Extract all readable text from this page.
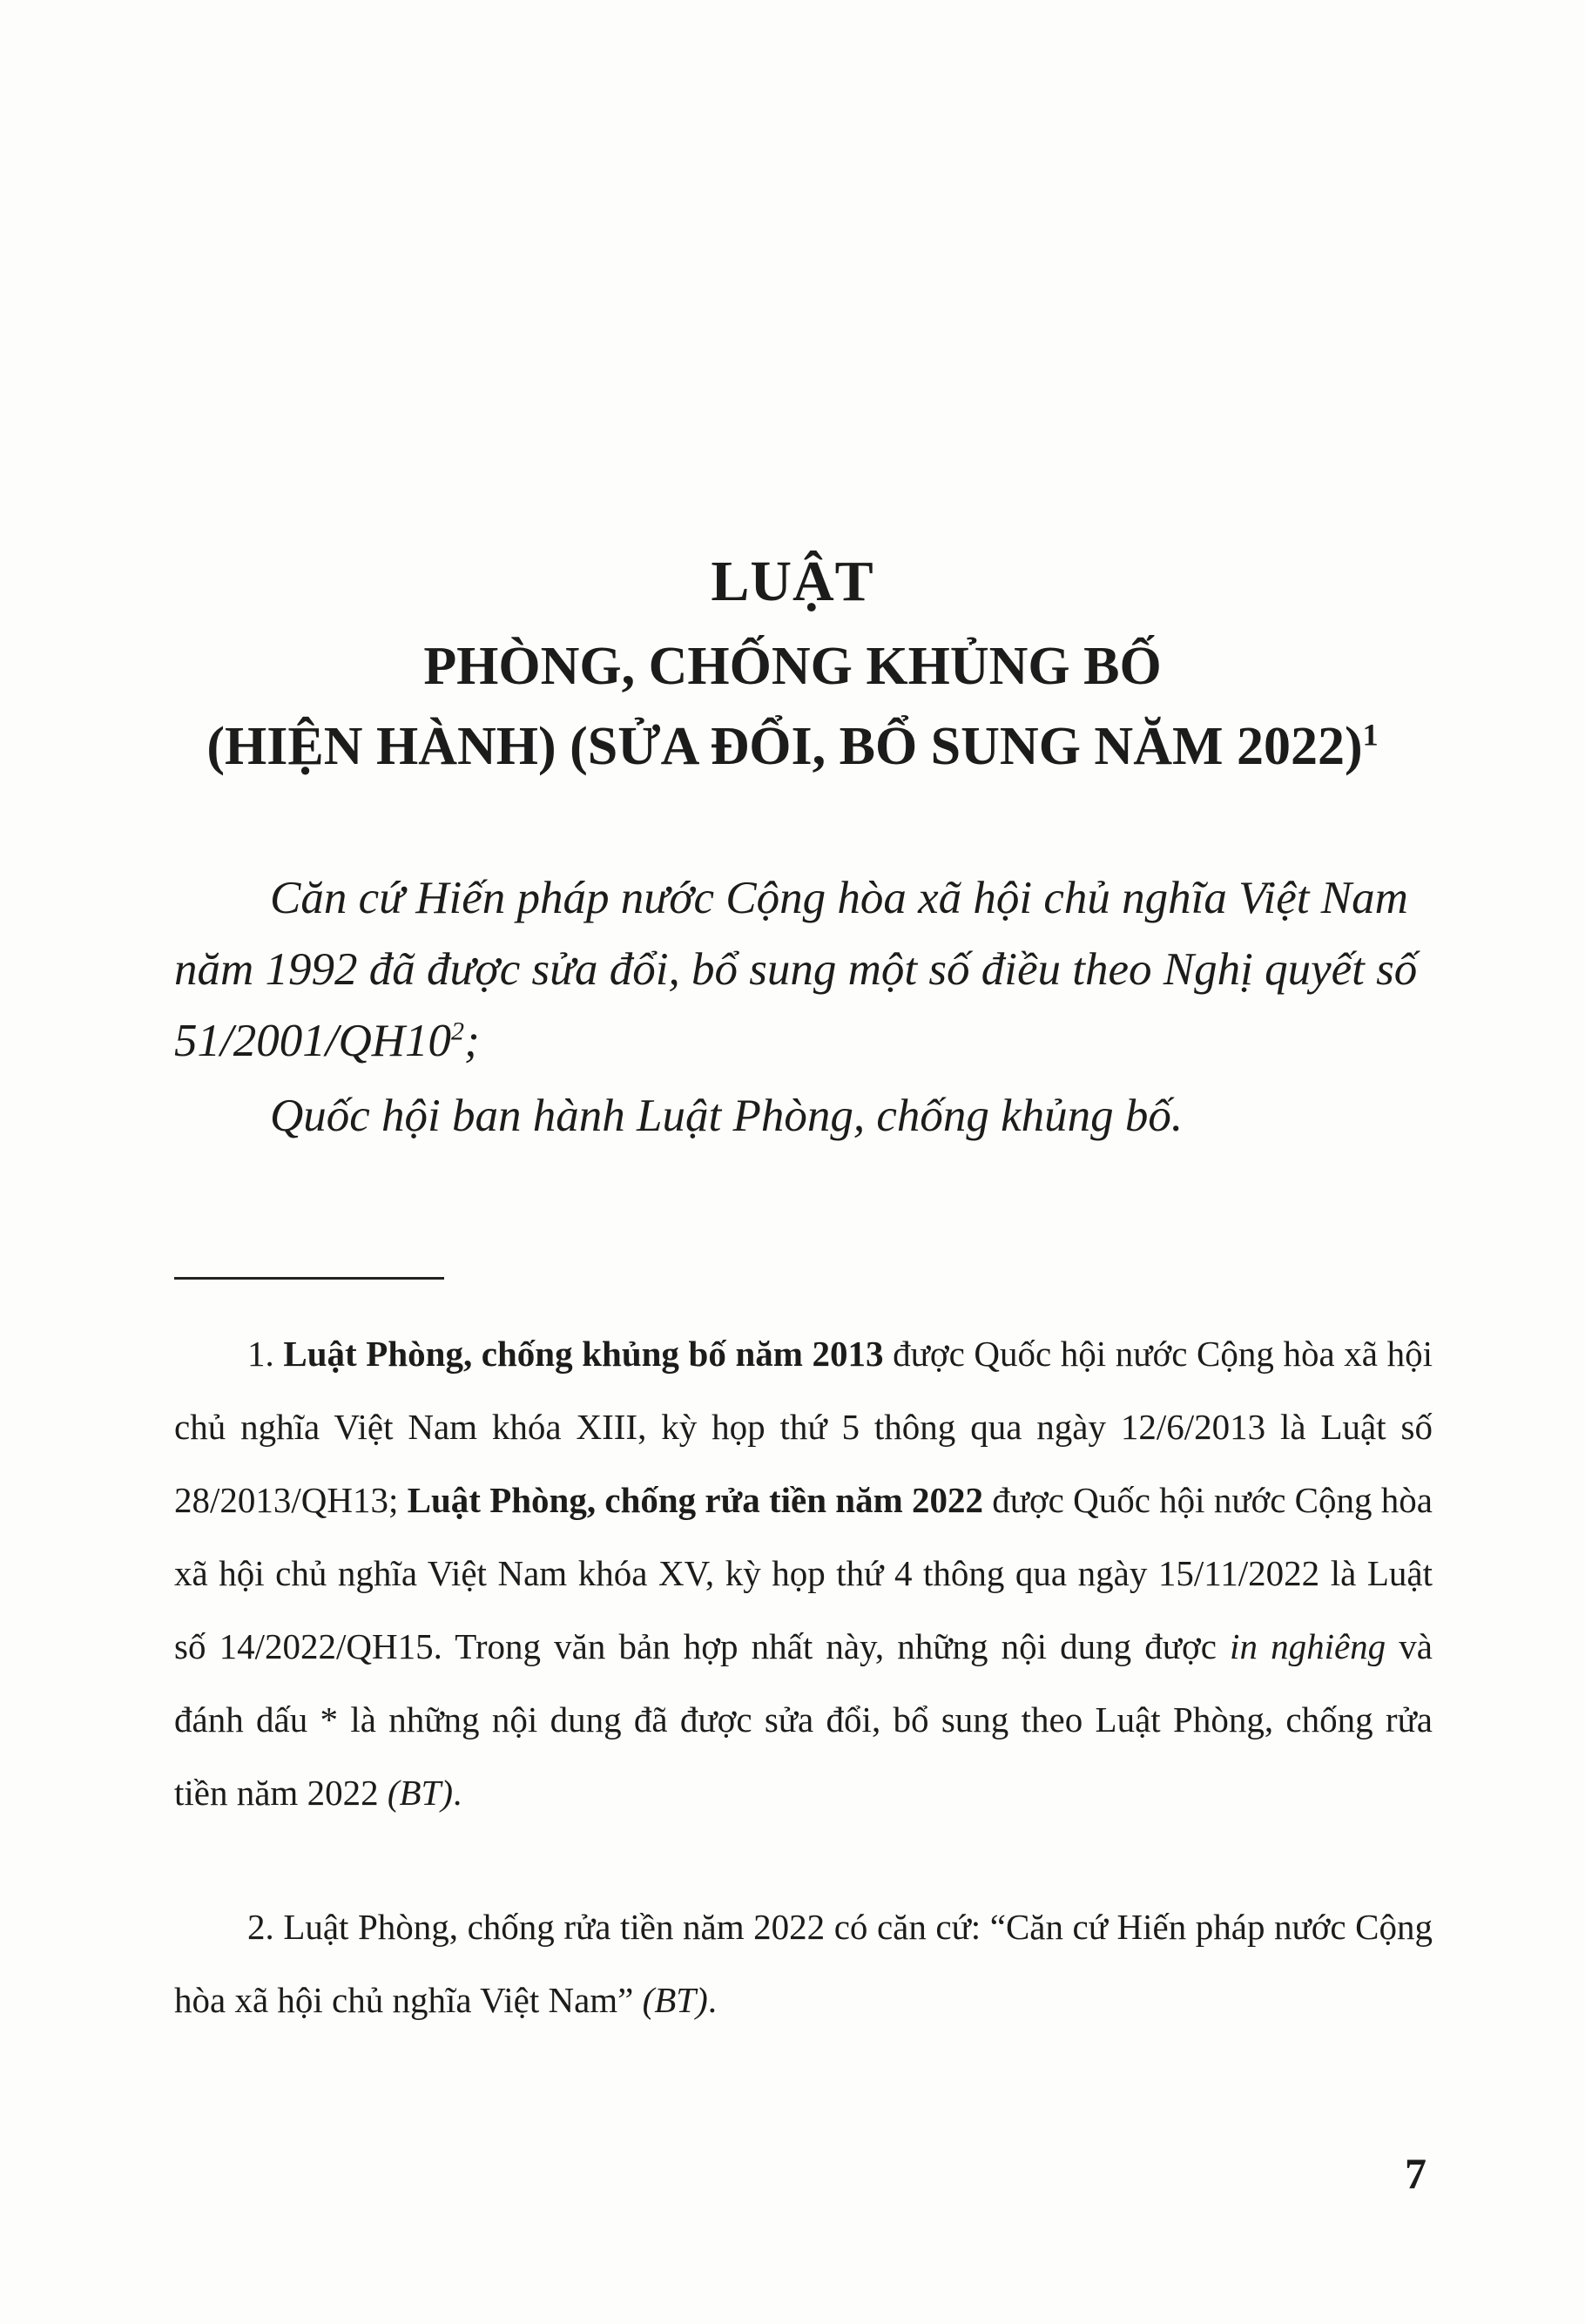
LUẬT
PHÒNG, CHỐNG KHỦNG BỐ
(HIỆN HÀNH) (SỬA ĐỔI, BỔ SUNG NĂM 2022)$^1$
Căn cứ Hiến pháp nước Cộng hòa xã hội chủ nghĩa Việt Nam năm 1992 đã được sửa đổi, bổ sung một số điều theo Nghị quyết số $51/2001/QH10^2$;
Quốc hội ban hành Luật Phòng, chống khủng bố.
1. Luật Phòng, chống khủng bố năm 2013 được Quốc hội nước Cộng hòa xã hội chủ nghĩa Việt Nam khóa XIII, kỳ họp thứ 5 thông qua ngày 12/6/2013 là Luật số 28/2013/QH13; Luật Phòng, chống rửa tiền năm 2022 được Quốc hội nước Cộng hòa xã hội chủ nghĩa Việt Nam khóa XV, kỳ họp thứ 4 thông qua ngày 15/11/2022 là Luật số 14/2022/QH15. Trong văn bản hợp nhất này, những nội dung được in nghiêng và đánh dấu * là những nội dung đã được sửa đổi, bổ sung theo Luật Phòng, chống rửa tiền năm 2022 (BT).
2. Luật Phòng, chống rửa tiền năm 2022 có căn cứ: “Căn cứ Hiến pháp nước Cộng hòa xã hội chủ nghĩa Việt Nam” (BT).
7
